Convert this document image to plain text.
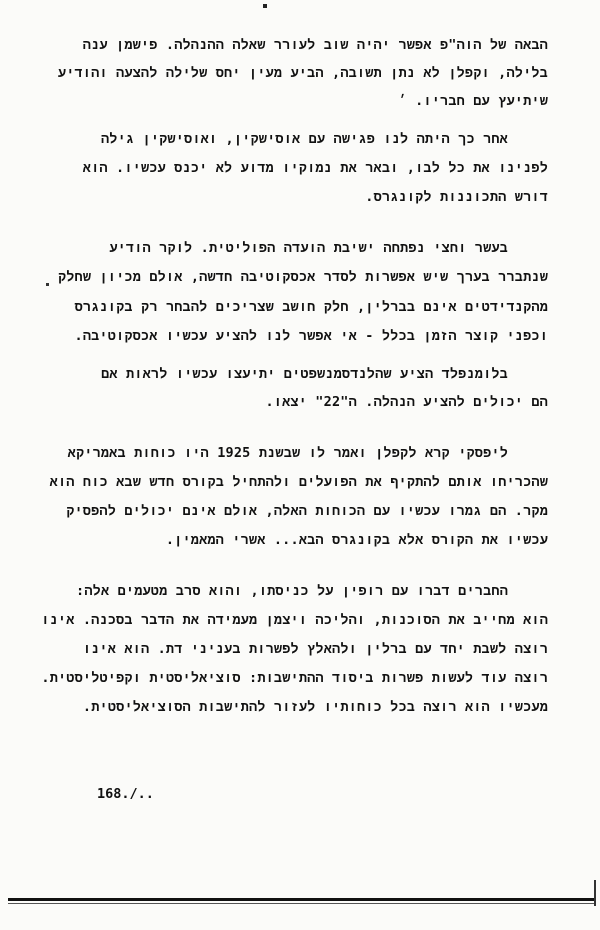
הבאה של הוה"פ אפשר יהיה שוב לעורר שאלה ההנהלה. פישמן ענה
בלילה, וקפלן לא נתן תשובה, הביע מעין יחס שלילה להצעה והודיע
שיתיעץ עם חבריו. ׳
אחר כך היתה לנו פגישה עם אוסישקין, ואוסישקין גילה
לפנינו את כל לבו, ובאר את נמוקיו מדוע לא יכנס עכשיו. הוא
דורש התכוננות לקונגרס.
בעשר וחצי נפתחה ישיבת הועדה הפוליטית. לוקר הודיע
שנתברר בערך שיש אפשרות לסדר אכסקוטיבה חדשה, אולם מכיון שחלק
מהקנדידטים אינם בברלין, חלק חושב שצריכים להבחר רק בקונגרס
וכפני קוצר הזמן בכלל - אי אפשר לנו להציע עכשיו אכסקוטיבה.
בלומנפלד הציע שהלנדסמנשפטים יתיעצו עכשיו לראות אם
הם יכולים להציע הנהלה. ה"22" יצאו.
ליפסקי קרא לקפלן ואמר לו שבשנת 1925 היו כוחות באמריקא
שהכריחו אותם להתקיף את הפועלים ולהתחיל בקורס חדש שבא כוח הוא
מקר. הם גמרו עכשיו עם הכוחות האלה, אולם אינם יכולים להפסיק
עכשיו את הקורס אלא בקונגרס הבא... אשרי המאמין.
החברים דברו עם רופין על כניסתו, והוא סרב מטעמים אלה:
הוא מחייב את הסוכנות, והליכה ויצמן מעמידה את הדבר בסכנה. אינו
רוצה לשבת יחד עם ברלין ולהאלץ לפשרות בעניני דת. הוא אינו
רוצה עוד לעשות פשרות ביסוד ההתישבות: סוציאליסטית וקפיטליסטית.
מעכשיו הוא רוצה בכל כוחותיו לעזור להתישבות הסוציאליסטית.
168./..
